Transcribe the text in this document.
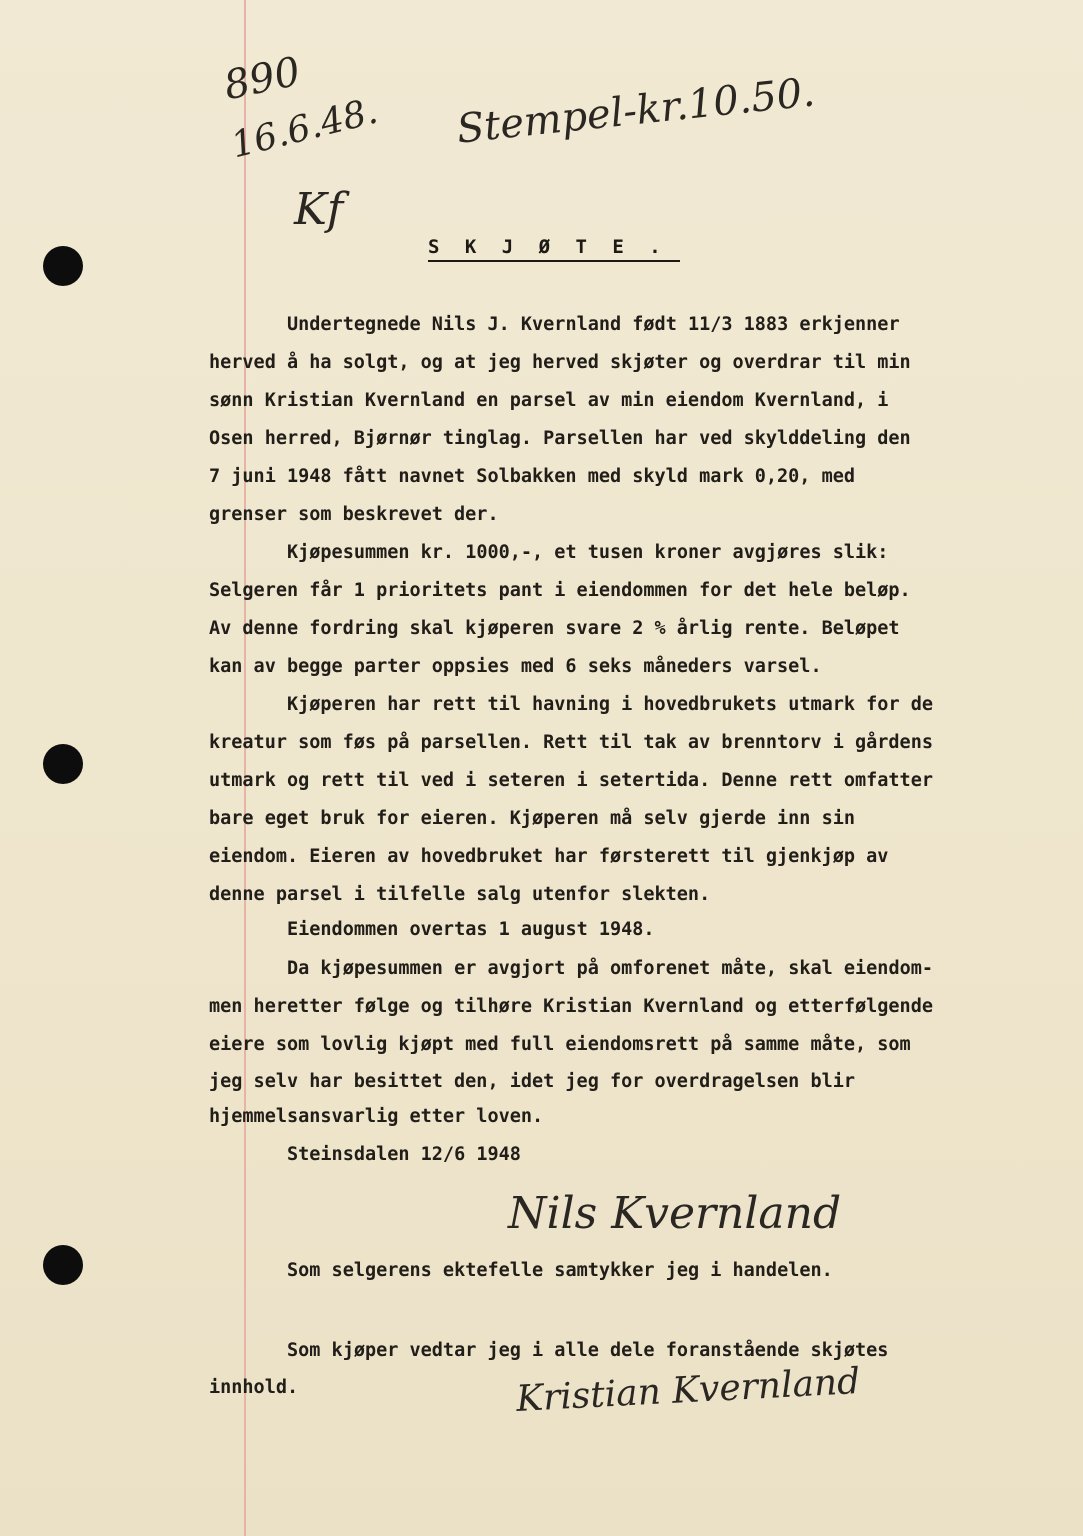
890
16.6.48.
Kf
Stempel-kr.10.50.
S K J Ø T E .
Undertegnede Nils J. Kvernland født 11/3 1883 erkjenner
herved å ha solgt, og at jeg herved skjøter og overdrar til min
sønn Kristian Kvernland en parsel av min eiendom Kvernland, i
Osen herred, Bjørnør tinglag. Parsellen har ved skylddeling den
7 juni 1948 fått navnet Solbakken med skyld mark 0,20, med
grenser som beskrevet der.
Kjøpesummen kr. 1000,-, et tusen kroner avgjøres slik:
Selgeren får 1 prioritets pant i eiendommen for det hele beløp.
Av denne fordring skal kjøperen svare 2 % årlig rente. Beløpet
kan av begge parter oppsies med 6 seks måneders varsel.
Kjøperen har rett til havning i hovedbrukets utmark for de
kreatur som føs på parsellen. Rett til tak av brenntorv i gårdens
utmark og rett til ved i seteren i setertida. Denne rett omfatter
bare eget bruk for eieren. Kjøperen må selv gjerde inn sin
eiendom. Eieren av hovedbruket har førsterett til gjenkjøp av
denne parsel i tilfelle salg utenfor slekten.
Eiendommen overtas 1 august 1948.
Da kjøpesummen er avgjort på omforenet måte, skal eiendom-
men heretter følge og tilhøre Kristian Kvernland og etterfølgende
eiere som lovlig kjøpt med full eiendomsrett på samme måte, som
jeg selv har besittet den, idet jeg for overdragelsen blir
hjemmelsansvarlig etter loven.
Steinsdalen 12/6 1948
Nils Kvernland
Som selgerens ektefelle samtykker jeg i handelen.
Som kjøper vedtar jeg i alle dele foranstående skjøtes
innhold.	Kristian Kvernland
